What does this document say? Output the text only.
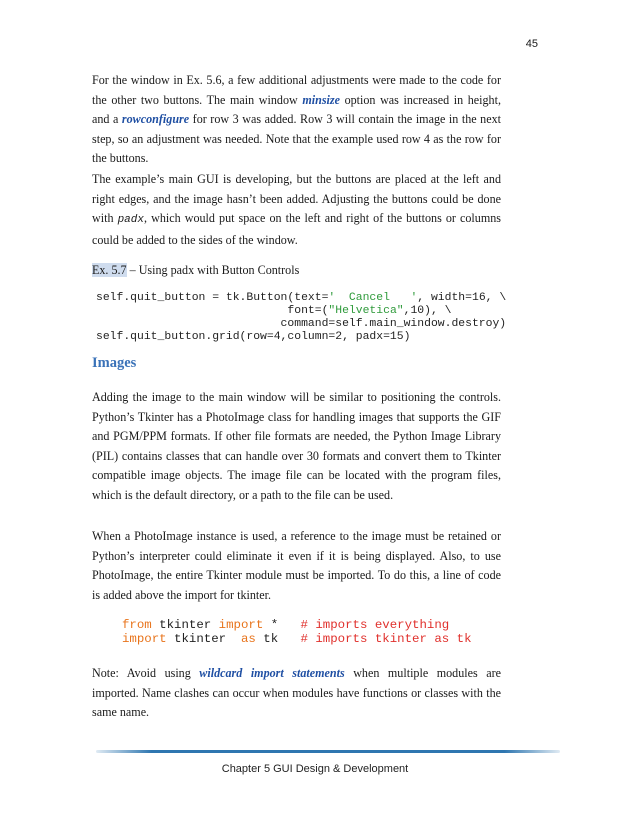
45

For the window in Ex. 5.6, a few additional adjustments were made to the code for the other two buttons. The main window minsize option was increased in height, and a rowconfigure for row 3 was added. Row 3 will contain the image in the next step, so an adjustment was needed. Note that the example used row 4 as the row for the buttons.

The example’s main GUI is developing, but the buttons are placed at the left and right edges, and the image hasn’t been added. Adjusting the buttons could be done with padx, which would put space on the left and right of the buttons or columns could be added to the sides of the window.

Ex. 5.7 – Using padx with Button Controls

self.quit_button = tk.Button(text='  Cancel   ', width=16, \
font=("Helvetica",10), \
command=self.main_window.destroy)
self.quit_button.grid(row=4,column=2, padx=15)
Images

Adding the image to the main window will be similar to positioning the controls. Python’s Tkinter has a PhotoImage class for handling images that supports the GIF and PGM/PPM formats. If other file formats are needed, the Python Image Library (PIL) contains classes that can handle over 30 formats and convert them to Tkinter compatible image objects. The image file can be located with the program files, which is the default directory, or a path to the file can be used.

When a PhotoImage instance is used, a reference to the image must be retained or Python’s interpreter could eliminate it even if it is being displayed. Also, to use PhotoImage, the entire Tkinter module must be imported. To do this, a line of code is added above the import for tkinter.

from tkinter import *   # imports everything
import tkinter  as tk   # imports tkinter as tk

Note: Avoid using wildcard import statements when multiple modules are imported. Name clashes can occur when modules have functions or classes with the same name.

Chapter 5 GUI Design & Development
